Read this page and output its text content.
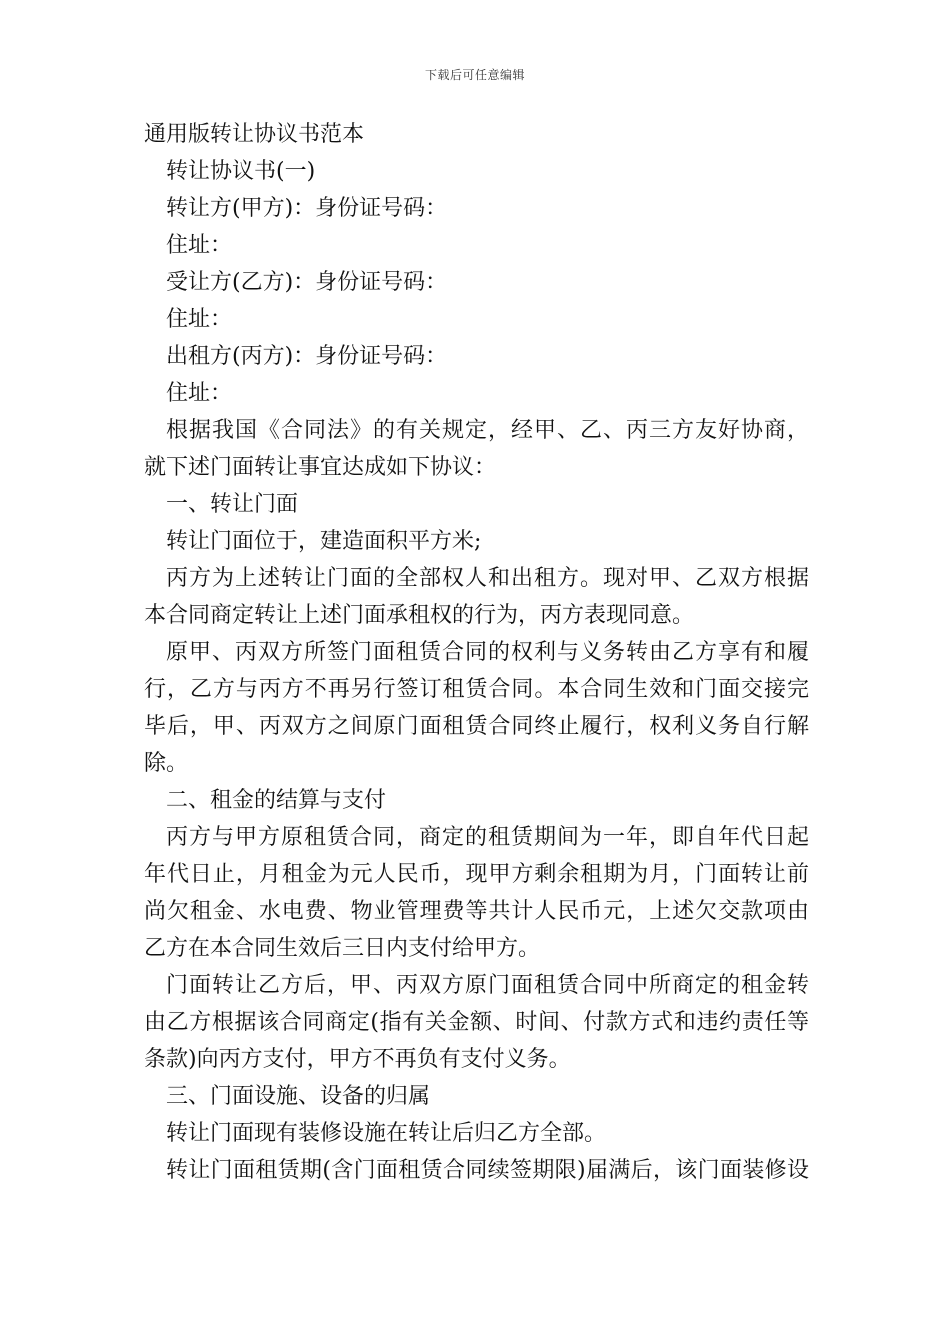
下载后可任意编辑
通用版转让协议书范本
转让协议书(一)
转让方(甲方)：身份证号码：
住址：
受让方(乙方)：身份证号码：
住址：
出租方(丙方)：身份证号码：
住址：
根据我国《合同法》的有关规定，经甲、乙、丙三方友好协商，
就下述门面转让事宜达成如下协议：
一、转让门面
转让门面位于，建造面积平方米;
丙方为上述转让门面的全部权人和出租方。现对甲、乙双方根据
本合同商定转让上述门面承租权的行为，丙方表现同意。
原甲、丙双方所签门面租赁合同的权利与义务转由乙方享有和履
行，乙方与丙方不再另行签订租赁合同。本合同生效和门面交接完
毕后，甲、丙双方之间原门面租赁合同终止履行，权利义务自行解
除。
二、租金的结算与支付
丙方与甲方原租赁合同，商定的租赁期间为一年，即自年代日起
年代日止，月租金为元人民币，现甲方剩余租期为月，门面转让前
尚欠租金、水电费、物业管理费等共计人民币元，上述欠交款项由
乙方在本合同生效后三日内支付给甲方。
门面转让乙方后，甲、丙双方原门面租赁合同中所商定的租金转
由乙方根据该合同商定(指有关金额、时间、付款方式和违约责任等
条款)向丙方支付，甲方不再负有支付义务。
三、门面设施、设备的归属
转让门面现有装修设施在转让后归乙方全部。
转让门面租赁期(含门面租赁合同续签期限)届满后，该门面装修设
